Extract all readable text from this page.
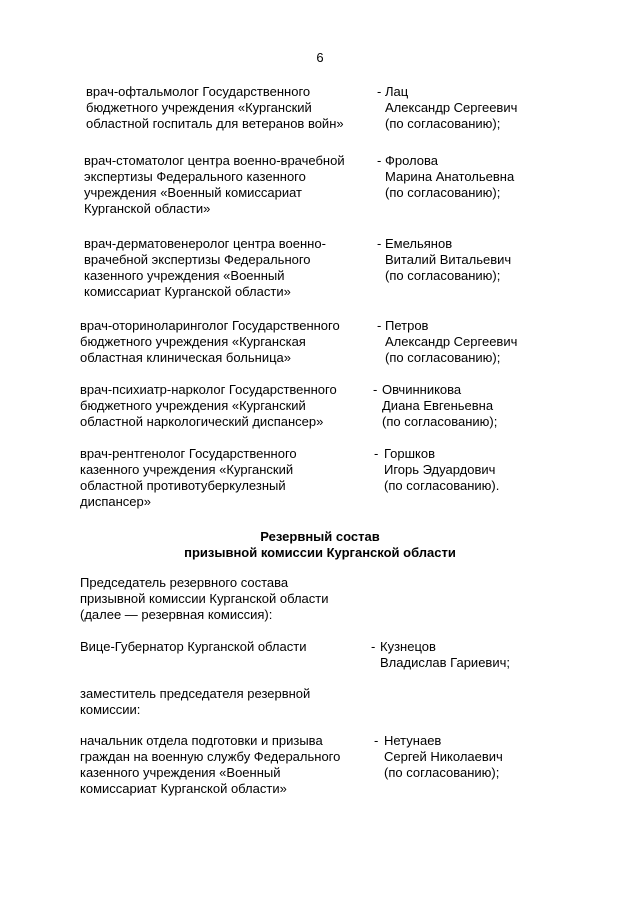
6
врач-офтальмолог Государственного
бюджетного учреждения «Курганский
областной госпиталь для ветеранов войн»
- Лац
Александр Сергеевич
(по согласованию);
врач-стоматолог центра военно-врачебной
экспертизы Федерального казенного
учреждения «Военный комиссариат
Курганской области»
- Фролова
Марина Анатольевна
(по согласованию);
врач-дерматовенеролог центра военно-
врачебной экспертизы Федерального
казенного учреждения «Военный
комиссариат Курганской области»
- Емельянов
Виталий Витальевич
(по согласованию);
врач-оториноларинголог Государственного
бюджетного учреждения «Курганская
областная клиническая больница»
- Петров
Александр Сергеевич
(по согласованию);
врач-психиатр-нарколог Государственного
бюджетного учреждения «Курганский
областной наркологический диспансер»
- Овчинникова
Диана Евгеньевна
(по согласованию);
врач-рентгенолог Государственного
казенного учреждения «Курганский
областной противотуберкулезный
диспансер»
- Горшков
Игорь Эдуардович
(по согласованию).
Резервный состав
призывной комиссии Курганской области
Председатель резервного состава
призывной комиссии Курганской области
(далее — резервная комиссия):
Вице-Губернатор Курганской области	- Кузнецов
Владислав Гариевич;
заместитель председателя резервной
комиссии:
начальник отдела подготовки и призыва
граждан на военную службу Федерального
казенного учреждения «Военный
комиссариат Курганской области»
- Нетунаев
Сергей Николаевич
(по согласованию);
